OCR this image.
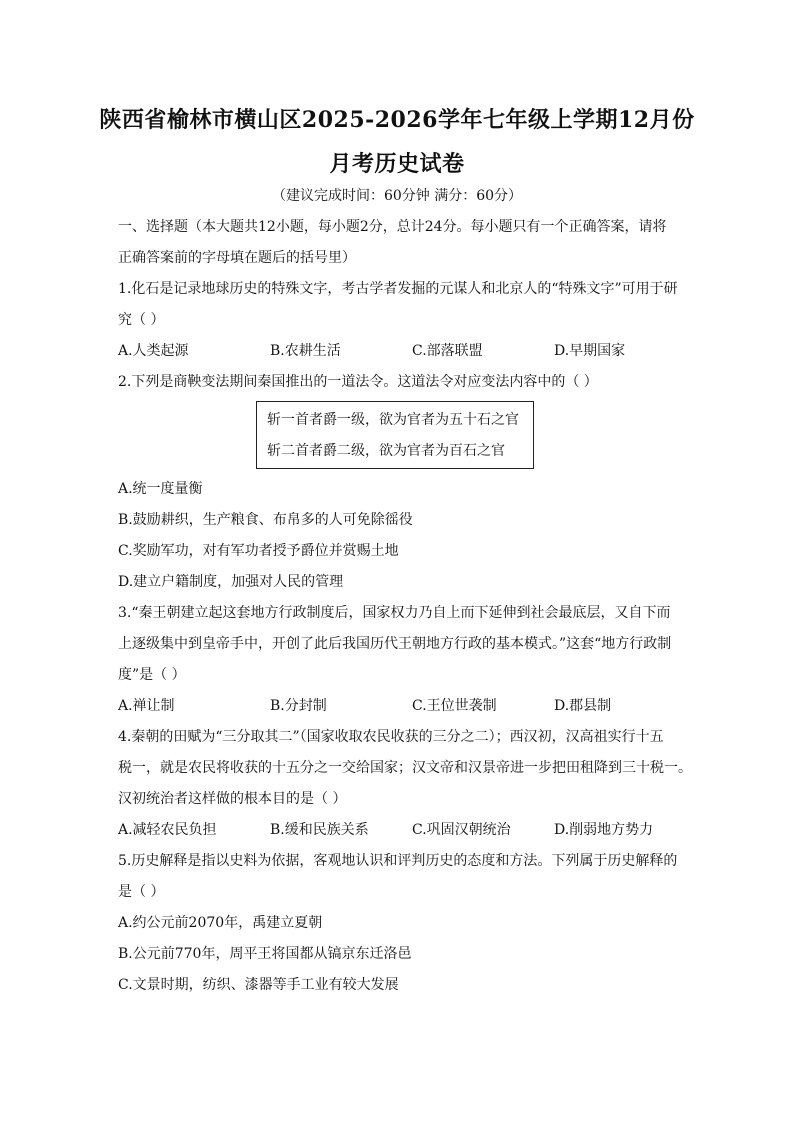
陕西省榆林市横山区2025-2026学年七年级上学期12月份
月考历史试卷
（建议完成时间：60分钟 满分：60分）
一、选择题（本大题共12小题，每小题2分，总计24分。每小题只有一个正确答案，请将
正确答案前的字母填在题后的括号里）
1.化石是记录地球历史的特殊文字，考古学者发掘的元谋人和北京人的“特殊文字”可用于研
究（ ）
A.人类起源	B.农耕生活	C.部落联盟	D.早期国家
2.下列是商鞅变法期间秦国推出的一道法令。这道法令对应变法内容中的（ ）
斩一首者爵一级，欲为官者为五十石之官
斩二首者爵二级，欲为官者为百石之官
A.统一度量衡
B.鼓励耕织，生产粮食、布帛多的人可免除徭役
C.奖励军功，对有军功者授予爵位并赏赐土地
D.建立户籍制度，加强对人民的管理
3.“秦王朝建立起这套地方行政制度后，国家权力乃自上而下延伸到社会最底层，又自下而
上逐级集中到皇帝手中，开创了此后我国历代王朝地方行政的基本模式。”这套“地方行政制
度”是（ ）
A.禅让制	B.分封制	C.王位世袭制	D.郡县制
4.秦朝的田赋为“三分取其二”（国家收取农民收获的三分之二）；西汉初，汉高祖实行十五
税一，就是农民将收获的十五分之一交给国家；汉文帝和汉景帝进一步把田租降到三十税一。
汉初统治者这样做的根本目的是（ ）
A.减轻农民负担	B.缓和民族关系	C.巩固汉朝统治	D.削弱地方势力
5.历史解释是指以史料为依据，客观地认识和评判历史的态度和方法。下列属于历史解释的
是（ ）
A.约公元前2070年，禹建立夏朝
B.公元前770年，周平王将国都从镐京东迁洛邑
C.文景时期，纺织、漆器等手工业有较大发展
